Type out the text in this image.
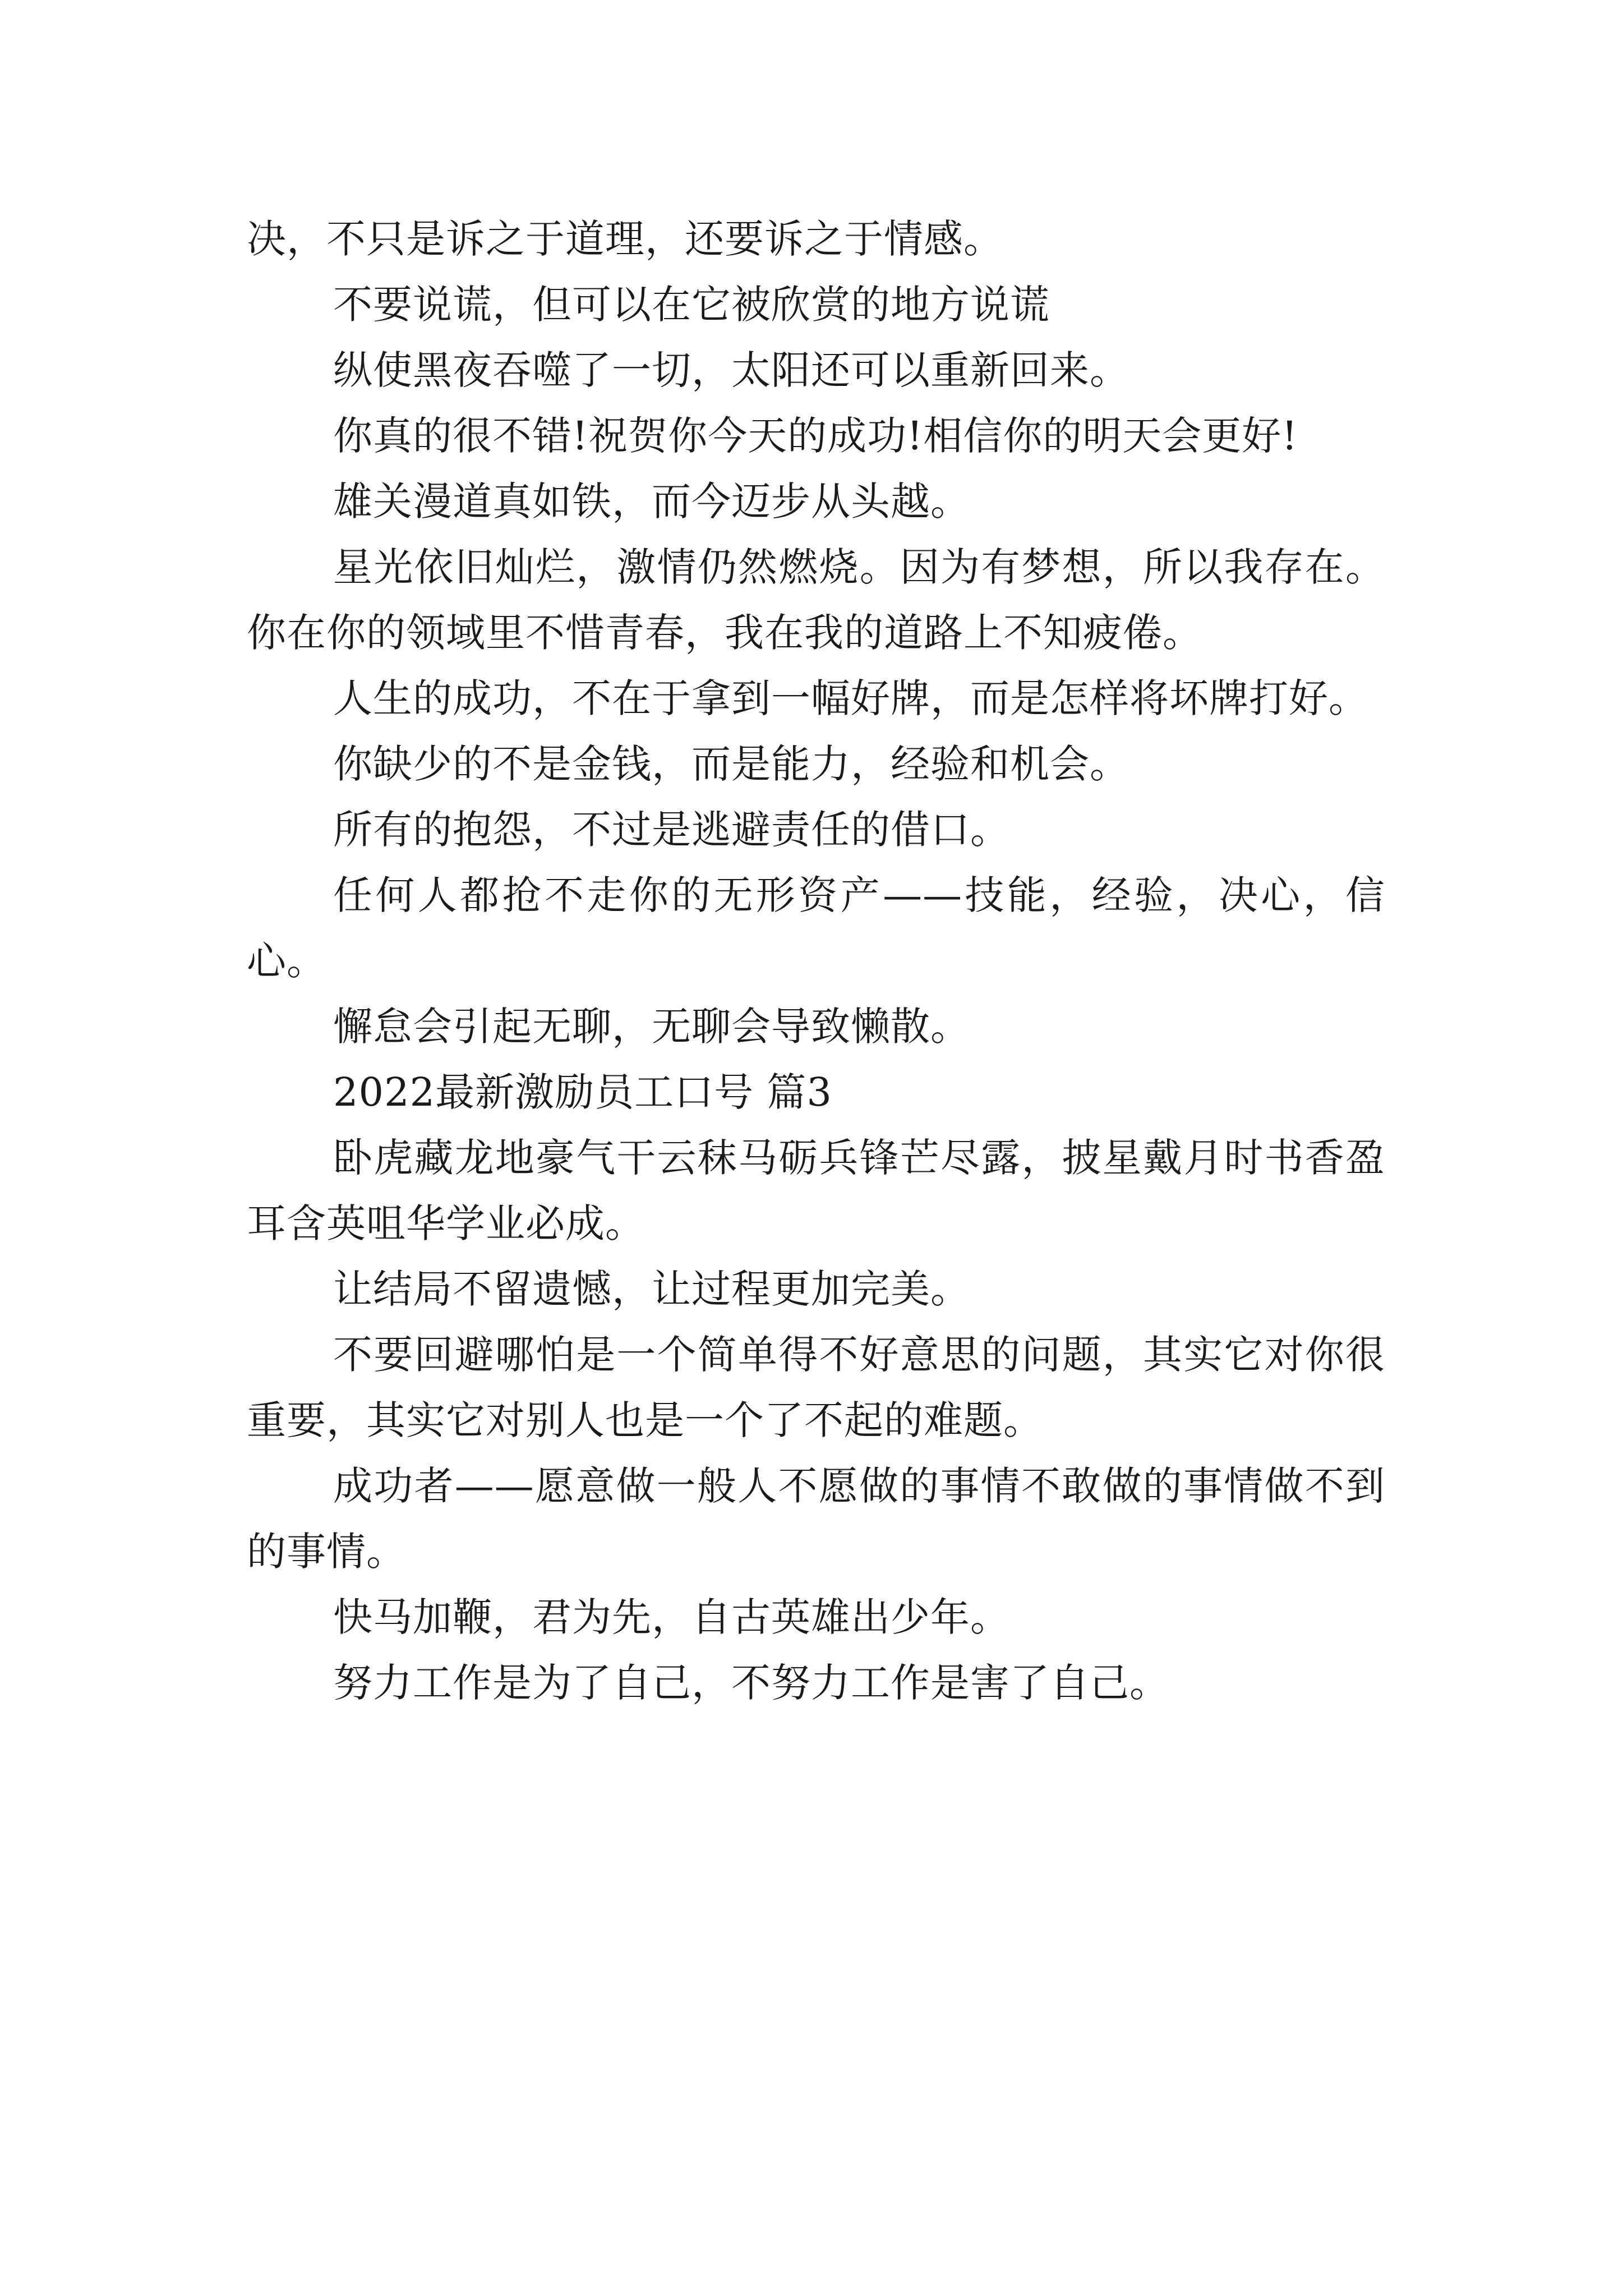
决，不只是诉之于道理，还要诉之于情感。

不要说谎，但可以在它被欣赏的地方说谎

纵使黑夜吞噬了一切，太阳还可以重新回来。

你真的很不错!祝贺你今天的成功!相信你的明天会更好!

雄关漫道真如铁，而今迈步从头越。

星光依旧灿烂，激情仍然燃烧。因为有梦想，所以我存在。你在你的领域里不惜青春，我在我的道路上不知疲倦。

人生的成功，不在于拿到一幅好牌，而是怎样将坏牌打好。

你缺少的不是金钱，而是能力，经验和机会。

所有的抱怨，不过是逃避责任的借口。

任何人都抢不走你的无形资产——技能，经验，决心，信心。

懈怠会引起无聊，无聊会导致懒散。

2022最新激励员工口号 篇3

卧虎藏龙地豪气干云秣马砺兵锋芒尽露，披星戴月时书香盈耳含英咀华学业必成。

让结局不留遗憾，让过程更加完美。

不要回避哪怕是一个简单得不好意思的问题，其实它对你很重要，其实它对别人也是一个了不起的难题。

成功者——愿意做一般人不愿做的事情不敢做的事情做不到的事情。

快马加鞭，君为先，自古英雄出少年。

努力工作是为了自己，不努力工作是害了自己。
